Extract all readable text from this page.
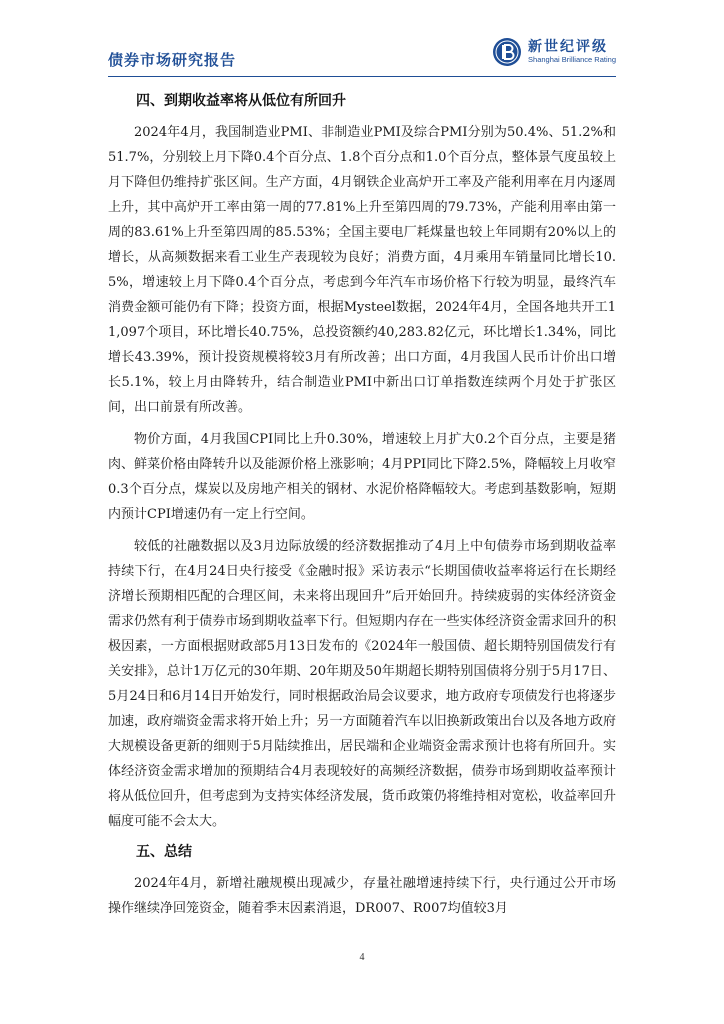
债券市场研究报告
新世纪评级
Shanghai Brilliance Rating
四、到期收益率将从低位有所回升

2024年4月，我国制造业PMI、非制造业PMI及综合PMI分别为50.4%、51.2%和51.7%，分别较上月下降0.4个百分点、1.8个百分点和1.0个百分点，整体景气度虽较上月下降但仍维持扩张区间。生产方面，4月钢铁企业高炉开工率及产能利用率在月内逐周上升，其中高炉开工率由第一周的77.81%上升至第四周的79.73%，产能利用率由第一周的83.61%上升至第四周的85.53%；全国主要电厂耗煤量也较上年同期有20%以上的增长，从高频数据来看工业生产表现较为良好；消费方面，4月乘用车销量同比增长10.5%，增速较上月下降0.4个百分点，考虑到今年汽车市场价格下行较为明显，最终汽车消费金额可能仍有下降；投资方面，根据Mysteel数据，2024年4月，全国各地共开工11,097个项目，环比增长40.75%，总投资额约40,283.82亿元，环比增长1.34%，同比增长43.39%，预计投资规模将较3月有所改善；出口方面，4月我国人民币计价出口增长5.1%，较上月由降转升，结合制造业PMI中新出口订单指数连续两个月处于扩张区间，出口前景有所改善。

物价方面，4月我国CPI同比上升0.30%，增速较上月扩大0.2个百分点，主要是猪肉、鲜菜价格由降转升以及能源价格上涨影响；4月PPI同比下降2.5%，降幅较上月收窄0.3个百分点，煤炭以及房地产相关的钢材、水泥价格降幅较大。考虑到基数影响，短期内预计CPI增速仍有一定上行空间。

较低的社融数据以及3月边际放缓的经济数据推动了4月上中旬债券市场到期收益率持续下行，在4月24日央行接受《金融时报》采访表示“长期国债收益率将运行在长期经济增长预期相匹配的合理区间，未来将出现回升”后开始回升。持续疲弱的实体经济资金需求仍然有利于债券市场到期收益率下行。但短期内存在一些实体经济资金需求回升的积极因素，一方面根据财政部5月13日发布的《2024年一般国债、超长期特别国债发行有关安排》，总计1万亿元的30年期、20年期及50年期超长期特别国债将分别于5月17日、5月24日和6月14日开始发行，同时根据政治局会议要求，地方政府专项债发行也将逐步加速，政府端资金需求将开始上升；另一方面随着汽车以旧换新政策出台以及各地方政府大规模设备更新的细则于5月陆续推出，居民端和企业端资金需求预计也将有所回升。实体经济资金需求增加的预期结合4月表现较好的高频经济数据，债券市场到期收益率预计将从低位回升，但考虑到为支持实体经济发展，货币政策仍将维持相对宽松，收益率回升幅度可能不会太大。

五、总结

2024年4月，新增社融规模出现减少，存量社融增速持续下行，央行通过公开市场操作继续净回笼资金，随着季末因素消退，DR007、R007均值较3月

4
